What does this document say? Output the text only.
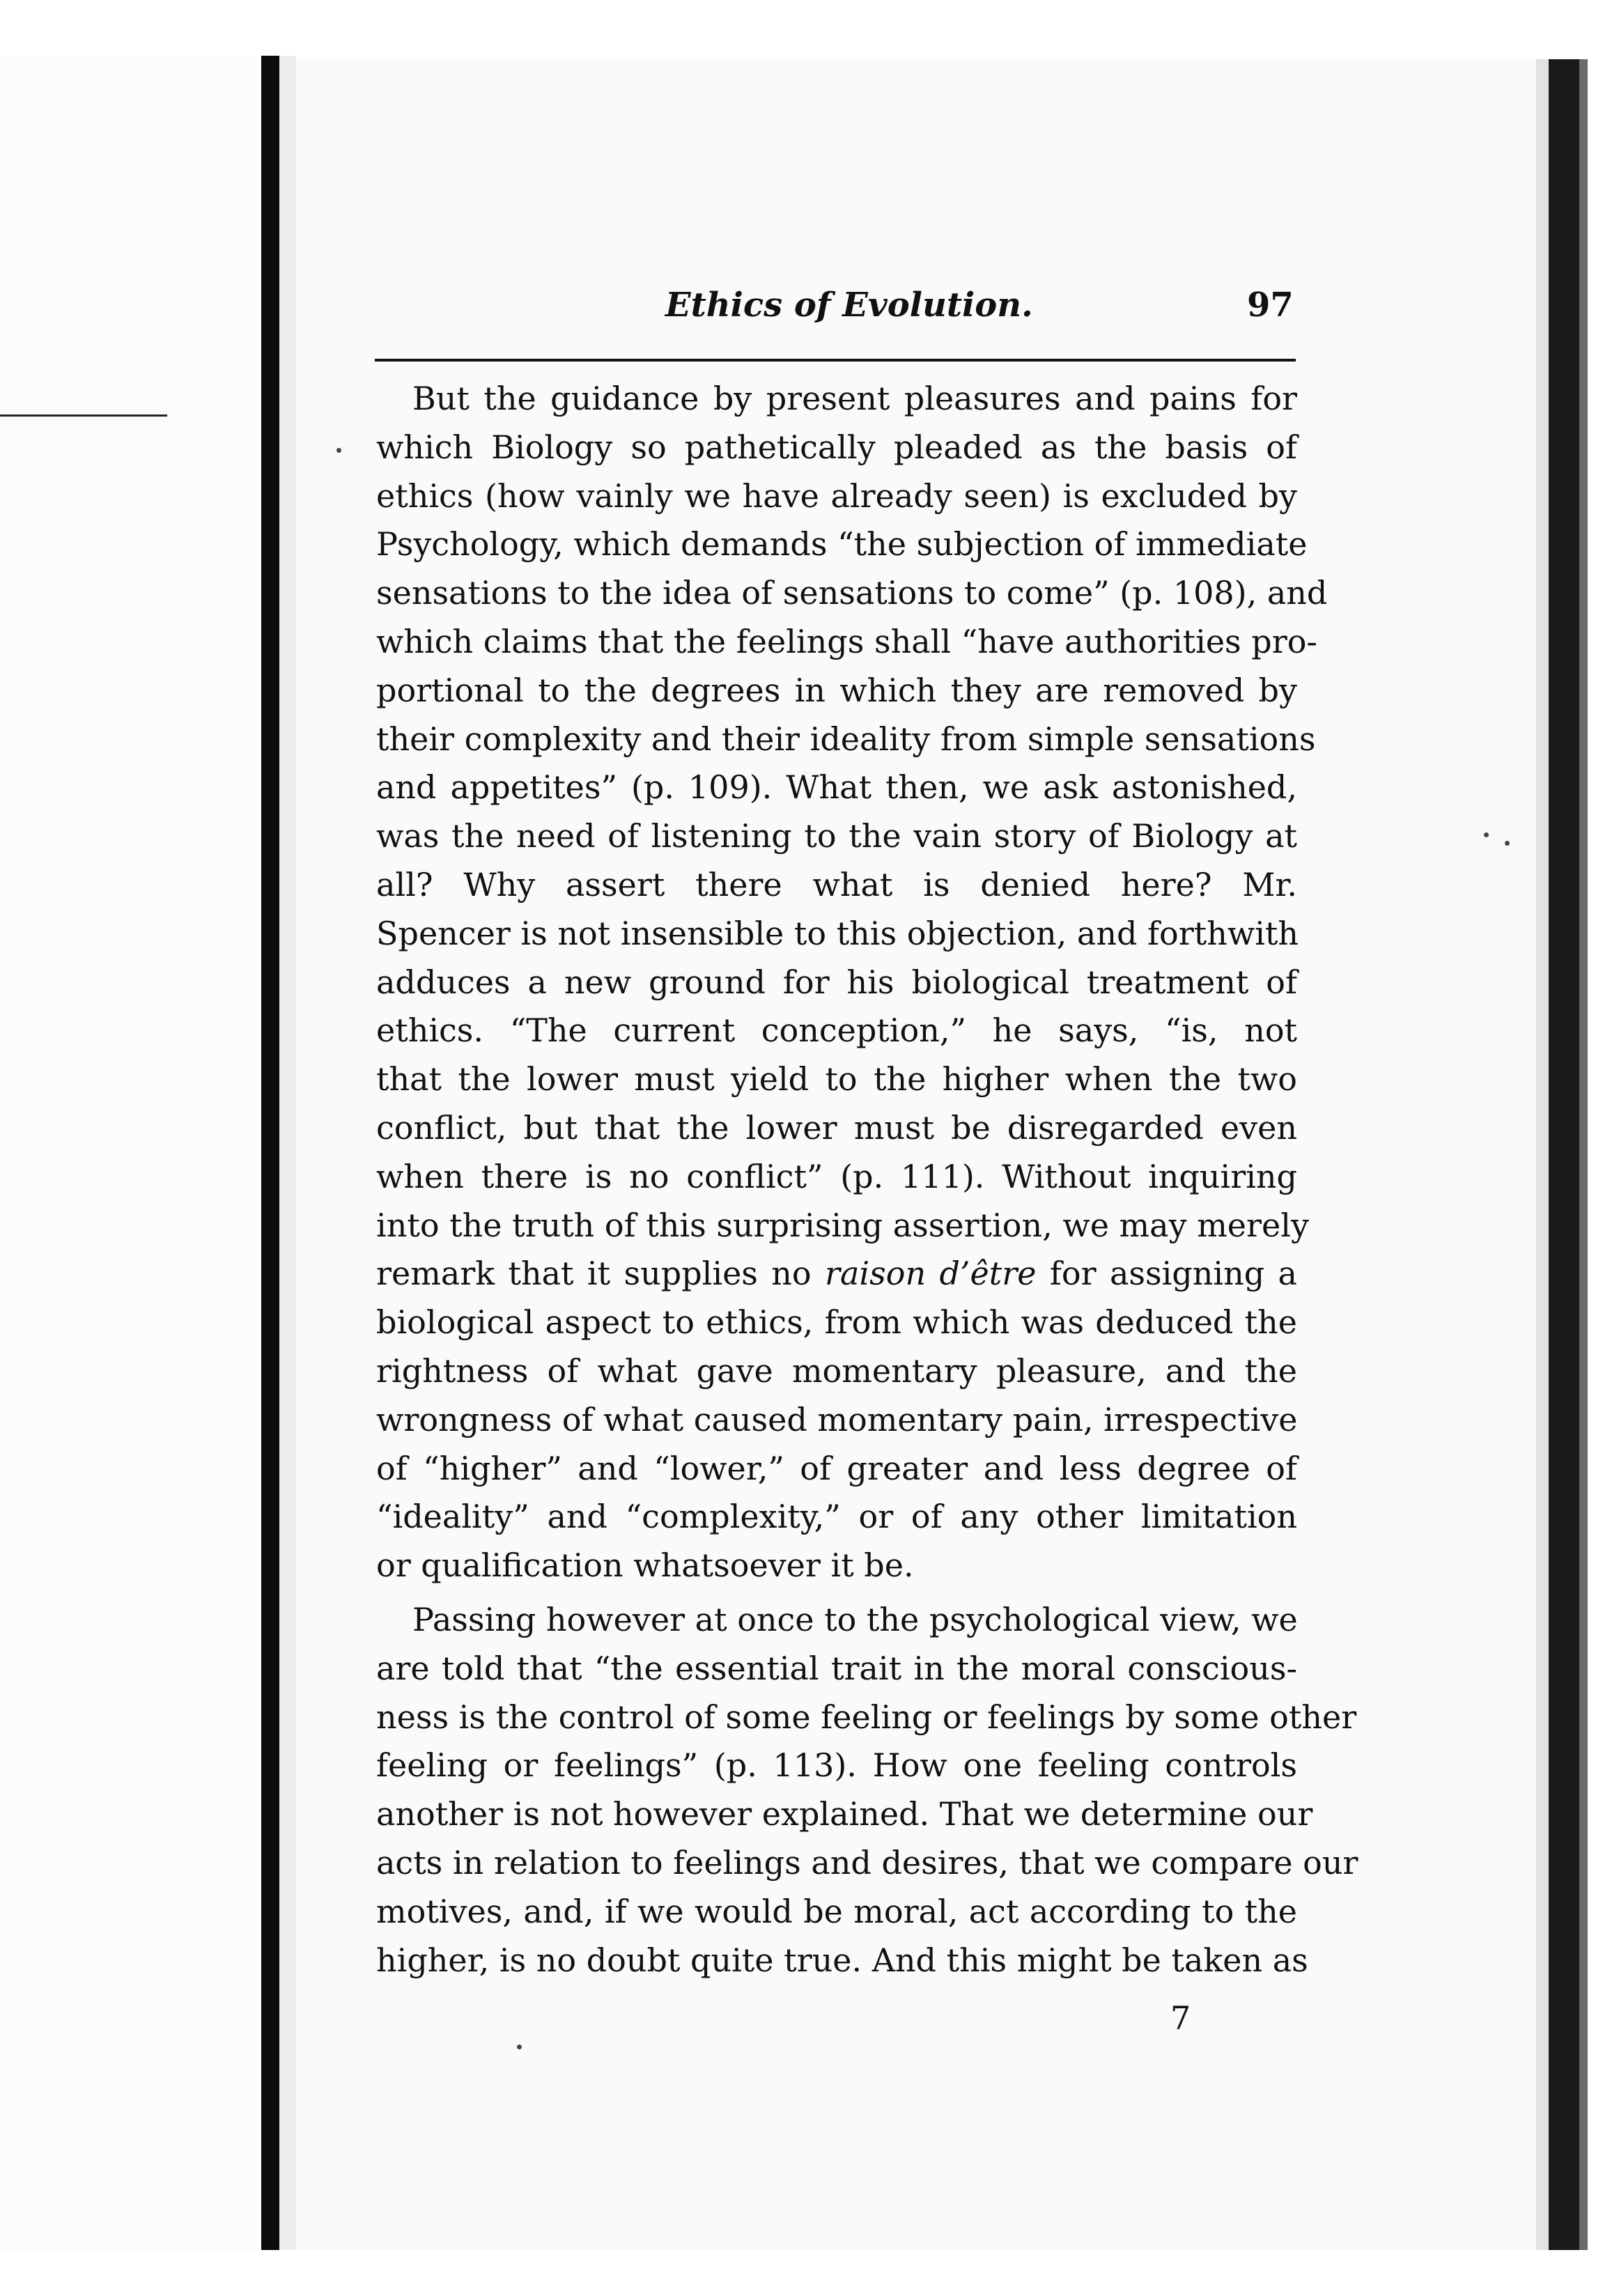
Ethics of Evolution.	97
But the guidance by present pleasures and pains for
which Biology so pathetically pleaded as the basis of
ethics (how vainly we have already seen) is excluded by
Psychology, which demands “the subjection of immediate
sensations to the idea of sensations to come” (p. 108), and
which claims that the feelings shall “have authorities pro-
portional to the degrees in which they are removed by
their complexity and their ideality from simple sensations
and appetites” (p. 109). What then, we ask astonished,
was the need of listening to the vain story of Biology at
all? Why assert there what is denied here? Mr.
Spencer is not insensible to this objection, and forthwith
adduces a new ground for his biological treatment of
ethics. “The current conception,” he says, “is, not
that the lower must yield to the higher when the two
conflict, but that the lower must be disregarded even
when there is no conflict” (p. 111). Without inquiring
into the truth of this surprising assertion, we may merely
remark that it supplies no raison d’être for assigning a
biological aspect to ethics, from which was deduced the
rightness of what gave momentary pleasure, and the
wrongness of what caused momentary pain, irrespective
of “higher” and “lower,” of greater and less degree of
“ideality” and “complexity,” or of any other limitation
or qualification whatsoever it be.
Passing however at once to the psychological view, we
are told that “the essential trait in the moral conscious-
ness is the control of some feeling or feelings by some other
feeling or feelings” (p. 113). How one feeling controls
another is not however explained. That we determine our
acts in relation to feelings and desires, that we compare our
motives, and, if we would be moral, act according to the
higher, is no doubt quite true. And this might be taken as
7
